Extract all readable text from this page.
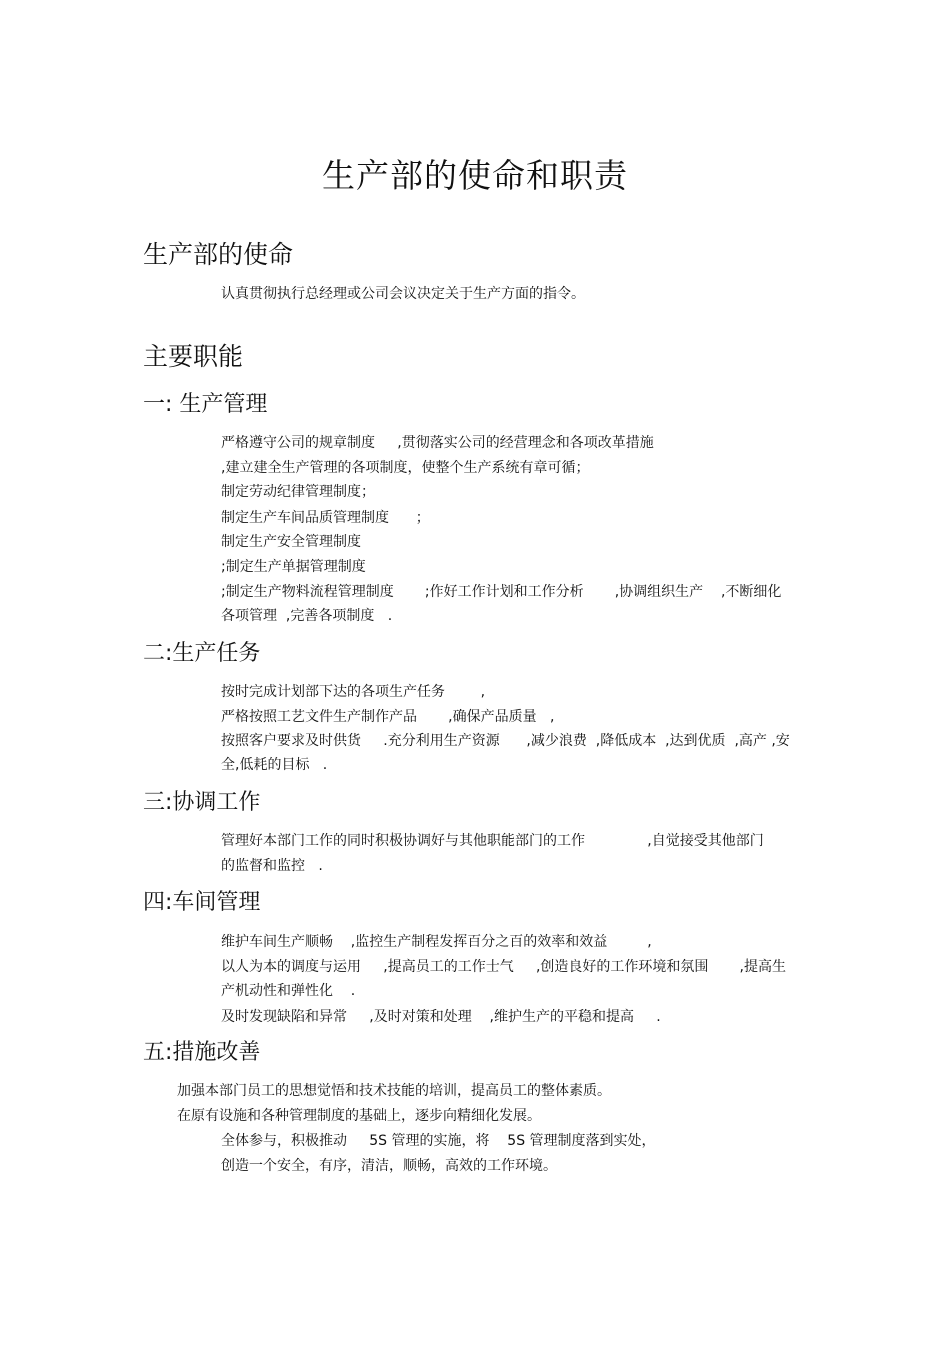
生产部的使命和职责
生产部的使命
认真贯彻执行总经理或公司会议决定关于生产方面的指令。
主要职能
一: 生产管理
严格遵守公司的规章制度     ,贯彻落实公司的经营理念和各项改革措施
,建立建全生产管理的各项制度，使整个生产系统有章可循；
制定劳动纪律管理制度；
制定生产车间品质管理制度      ；
制定生产安全管理制度
;制定生产单据管理制度
;制定生产物料流程管理制度       ;作好工作计划和工作分析       ,协调组织生产    ,不断细化
各项管理  ,完善各项制度   .
二:生产任务
按时完成计划部下达的各项生产任务        ,
严格按照工艺文件生产制作产品       ,确保产品质量   ,
按照客户要求及时供货     .充分利用生产资源      ,减少浪费  ,降低成本  ,达到优质  ,高产 ,安
全,低耗的目标   .
三:协调工作
管理好本部门工作的同时积极协调好与其他职能部门的工作              ,自觉接受其他部门
的监督和监控   .
四:车间管理
维护车间生产顺畅    ,监控生产制程发挥百分之百的效率和效益         ,
以人为本的调度与运用     ,提高员工的工作士气     ,创造良好的工作环境和氛围       ,提高生
产机动性和弹性化    .
及时发现缺陷和异常     ,及时对策和处理    ,维护生产的平稳和提高     .
五:措施改善
加强本部门员工的思想觉悟和技术技能的培训，提高员工的整体素质。
在原有设施和各种管理制度的基础上，逐步向精细化发展。
全体参与，积极推动     5S 管理的实施，将    5S 管理制度落到实处，
创造一个安全，有序，清洁，顺畅，高效的工作环境。
